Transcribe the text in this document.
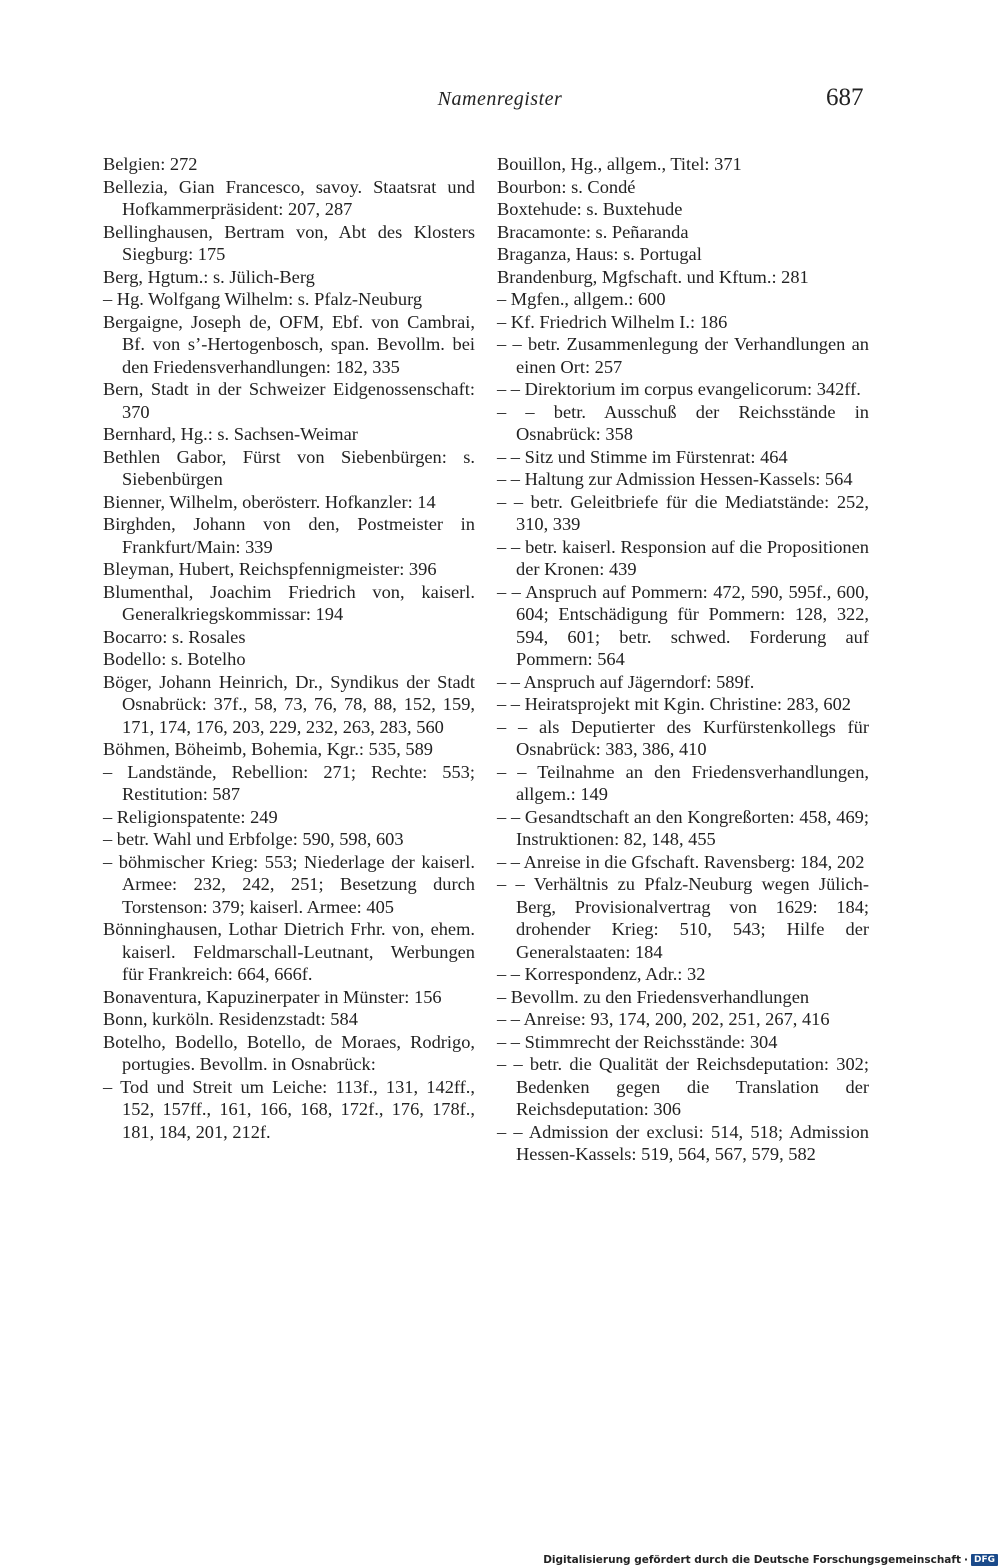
Namenregister	687
Belgien: 272
Bellezia, Gian Francesco, savoy. Staatsrat und Hofkammerpräsident: 207, 287
Bellinghausen, Bertram von, Abt des Klosters Siegburg: 175
Berg, Hgtum.: s. Jülich-Berg
– Hg. Wolfgang Wilhelm: s. Pfalz-Neuburg
Bergaigne, Joseph de, OFM, Ebf. von Cambrai, Bf. von s’-Hertogenbosch, span. Bevollm. bei den Friedensverhandlungen: 182, 335
Bern, Stadt in der Schweizer Eidgenossenschaft: 370
Bernhard, Hg.: s. Sachsen-Weimar
Bethlen Gabor, Fürst von Siebenbürgen: s. Siebenbürgen
Bienner, Wilhelm, oberösterr. Hofkanzler: 14
Birghden, Johann von den, Postmeister in Frankfurt/Main: 339
Bleyman, Hubert, Reichspfennigmeister: 396
Blumenthal, Joachim Friedrich von, kaiserl. Generalkriegskommissar: 194
Bocarro: s. Rosales
Bodello: s. Botelho
Böger, Johann Heinrich, Dr., Syndikus der Stadt Osnabrück: 37f., 58, 73, 76, 78, 88, 152, 159, 171, 174, 176, 203, 229, 232, 263, 283, 560
Böhmen, Böheimb, Bohemia, Kgr.: 535, 589
– Landstände, Rebellion: 271; Rechte: 553; Restitution: 587
– Religionspatente: 249
– betr. Wahl und Erbfolge: 590, 598, 603
– böhmischer Krieg: 553; Niederlage der kaiserl. Armee: 232, 242, 251; Besetzung durch Torstenson: 379; kaiserl. Armee: 405
Bönninghausen, Lothar Dietrich Frhr. von, ehem. kaiserl. Feldmarschall-Leutnant, Werbungen für Frankreich: 664, 666f.
Bonaventura, Kapuzinerpater in Münster: 156
Bonn, kurköln. Residenzstadt: 584
Botelho, Bodello, Botello, de Moraes, Rodrigo, portugies. Bevollm. in Osnabrück:
– Tod und Streit um Leiche: 113f., 131, 142ff., 152, 157ff., 161, 166, 168, 172f., 176, 178f., 181, 184, 201, 212f.
Bouillon, Hg., allgem., Titel: 371
Bourbon: s. Condé
Boxtehude: s. Buxtehude
Bracamonte: s. Peñaranda
Braganza, Haus: s. Portugal
Brandenburg, Mgfschaft. und Kftum.: 281
– Mgfen., allgem.: 600
– Kf. Friedrich Wilhelm I.: 186
– – betr. Zusammenlegung der Verhandlungen an einen Ort: 257
– – Direktorium im corpus evangelicorum: 342ff.
– – betr. Ausschuß der Reichsstände in Osnabrück: 358
– – Sitz und Stimme im Fürstenrat: 464
– – Haltung zur Admission Hessen-Kassels: 564
– – betr. Geleitbriefe für die Mediatstände: 252, 310, 339
– – betr. kaiserl. Responsion auf die Propositionen der Kronen: 439
– – Anspruch auf Pommern: 472, 590, 595f., 600, 604; Entschädigung für Pommern: 128, 322, 594, 601; betr. schwed. Forderung auf Pommern: 564
– – Anspruch auf Jägerndorf: 589f.
– – Heiratsprojekt mit Kgin. Christine: 283, 602
– – als Deputierter des Kurfürstenkollegs für Osnabrück: 383, 386, 410
– – Teilnahme an den Friedensverhandlungen, allgem.: 149
– – Gesandtschaft an den Kongreßorten: 458, 469; Instruktionen: 82, 148, 455
– – Anreise in die Gfschaft. Ravensberg: 184, 202
– – Verhältnis zu Pfalz-Neuburg wegen Jülich-Berg, Provisionalvertrag von 1629: 184; drohender Krieg: 510, 543; Hilfe der Generalstaaten: 184
– – Korrespondenz, Adr.: 32
– Bevollm. zu den Friedensverhandlungen
– – Anreise: 93, 174, 200, 202, 251, 267, 416
– – Stimmrecht der Reichsstände: 304
– – betr. die Qualität der Reichsdeputation: 302; Bedenken gegen die Translation der Reichsdeputation: 306
– – Admission der exclusi: 514, 518; Admission Hessen-Kassels: 519, 564, 567, 579, 582
Digitalisierung gefördert durch die Deutsche Forschungsgemeinschaft · DFG
